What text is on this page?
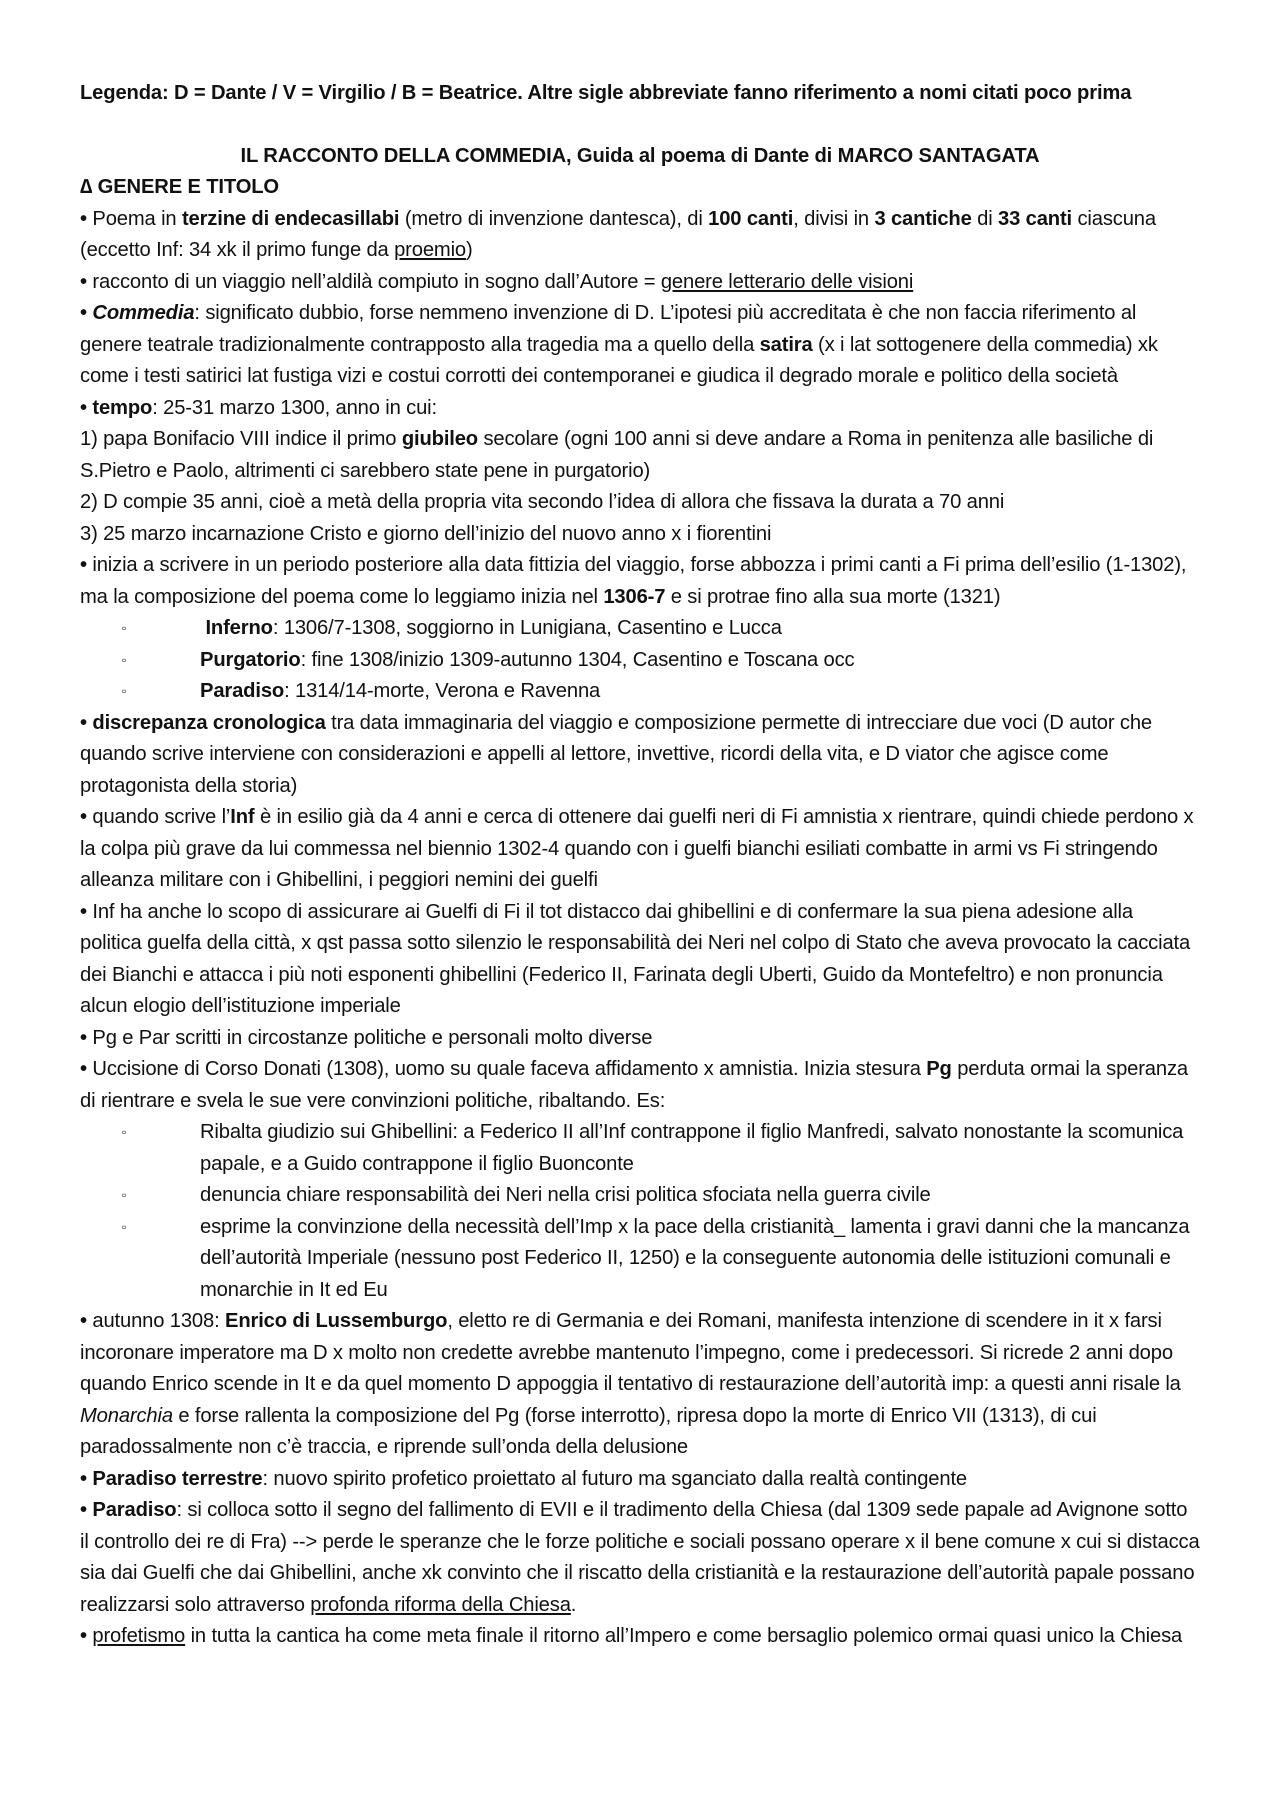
Legenda: D = Dante / V = Virgilio / B = Beatrice. Altre sigle abbreviate fanno riferimento a nomi citati poco prima
IL RACCONTO DELLA COMMEDIA, Guida al poema di Dante di MARCO SANTAGATA
∆ GENERE E TITOLO

• Poema in terzine di endecasillabi (metro di invenzione dantesca), di 100 canti, divisi in 3 cantiche di 33 canti ciascuna (eccetto Inf: 34 xk il primo funge da proemio)

• racconto di un viaggio nell’aldilà compiuto in sogno dall’Autore = genere letterario delle visioni

• Commedia: significato dubbio, forse nemmeno invenzione di D. L’ipotesi più accreditata è che non faccia riferimento al genere teatrale tradizionalmente contrapposto alla tragedia ma a quello della satira (x i lat sottogenere della commedia) xk come i testi satirici lat fustiga vizi e costui corrotti dei contemporanei e giudica il degrado morale e politico della società

• tempo: 25-31 marzo 1300, anno in cui:

1) papa Bonifacio VIII indice il primo giubileo secolare (ogni 100 anni si deve andare a Roma in penitenza alle basiliche di S.Pietro e Paolo, altrimenti ci sarebbero state pene in purgatorio)

2) D compie 35 anni, cioè a metà della propria vita secondo l’idea di allora che fissava la durata a 70 anni

3) 25 marzo incarnazione Cristo e giorno dell’inizio del nuovo anno x i fiorentini

• inizia a scrivere in un periodo posteriore alla data fittizia del viaggio, forse abbozza i primi canti a Fi prima dell’esilio (1-1302), ma la composizione del poema come lo leggiamo inizia nel 1306-7 e si protrae fino alla sua morte (1321)

▫	Inferno: 1306/7-1308, soggiorno in Lunigiana, Casentino e Lucca
▫	Purgatorio: fine 1308/inizio 1309-autunno 1304, Casentino e Toscana occ
▫	Paradiso: 1314/14-morte, Verona e Ravenna

• discrepanza cronologica tra data immaginaria del viaggio e composizione permette di intrecciare due voci (D autor che quando scrive interviene con considerazioni e appelli al lettore, invettive, ricordi della vita, e D viator che agisce come protagonista della storia)

• quando scrive l’Inf è in esilio già da 4 anni e cerca di ottenere dai guelfi neri di Fi amnistia x rientrare, quindi chiede perdono x la colpa più grave da lui commessa nel biennio 1302-4 quando con i guelfi bianchi esiliati combatte in armi vs Fi stringendo alleanza militare con i Ghibellini, i peggiori nemini dei guelfi

• Inf ha anche lo scopo di assicurare ai Guelfi di Fi il tot distacco dai ghibellini e di confermare la sua piena adesione alla politica guelfa della città, x qst passa sotto silenzio le responsabilità dei Neri nel colpo di Stato che aveva provocato la cacciata dei Bianchi e attacca i più noti esponenti ghibellini (Federico II, Farinata degli Uberti, Guido da Montefeltro) e non pronuncia alcun elogio dell’istituzione imperiale

• Pg e Par scritti in circostanze politiche e personali molto diverse

• Uccisione di Corso Donati (1308), uomo su quale faceva affidamento x amnistia. Inizia stesura Pg perduta ormai la speranza di rientrare e svela le sue vere convinzioni politiche, ribaltando. Es:

▫	Ribalta giudizio sui Ghibellini: a Federico II all’Inf contrappone il figlio Manfredi, salvato nonostante la scomunica papale, e a Guido contrappone il figlio Buonconte
▫	denuncia chiare responsabilità dei Neri nella crisi politica sfociata nella guerra civile
▫	esprime la convinzione della necessità dell’Imp x la pace della cristianità_ lamenta i gravi danni che la mancanza dell’autorità Imperiale (nessuno post Federico II, 1250) e la conseguente autonomia delle istituzioni comunali e monarchie in It ed Eu

• autunno 1308: Enrico di Lussemburgo, eletto re di Germania e dei Romani, manifesta intenzione di scendere in it x farsi incoronare imperatore ma D x molto non credette avrebbe mantenuto l’impegno, come i predecessori. Si ricrede 2 anni dopo quando Enrico scende in It e da quel momento D appoggia il tentativo di restaurazione dell’autorità imp: a questi anni risale la Monarchia e forse rallenta la composizione del Pg (forse interrotto), ripresa dopo la morte di Enrico VII (1313), di cui paradossalmente non c’è traccia, e riprende sull’onda della delusione

• Paradiso terrestre: nuovo spirito profetico proiettato al futuro ma sganciato dalla realtà contingente

• Paradiso: si colloca sotto il segno del fallimento di EVII e il tradimento della Chiesa (dal 1309 sede papale ad Avignone sotto il controllo dei re di Fra) --> perde le speranze che le forze politiche e sociali possano operare x il bene comune x cui si distacca sia dai Guelfi che dai Ghibellini, anche xk convinto che il riscatto della cristianità e la restaurazione dell’autorità papale possano realizzarsi solo attraverso profonda riforma della Chiesa.

• profetismo in tutta la cantica ha come meta finale il ritorno all’Impero e come bersaglio polemico ormai quasi unico la Chiesa
